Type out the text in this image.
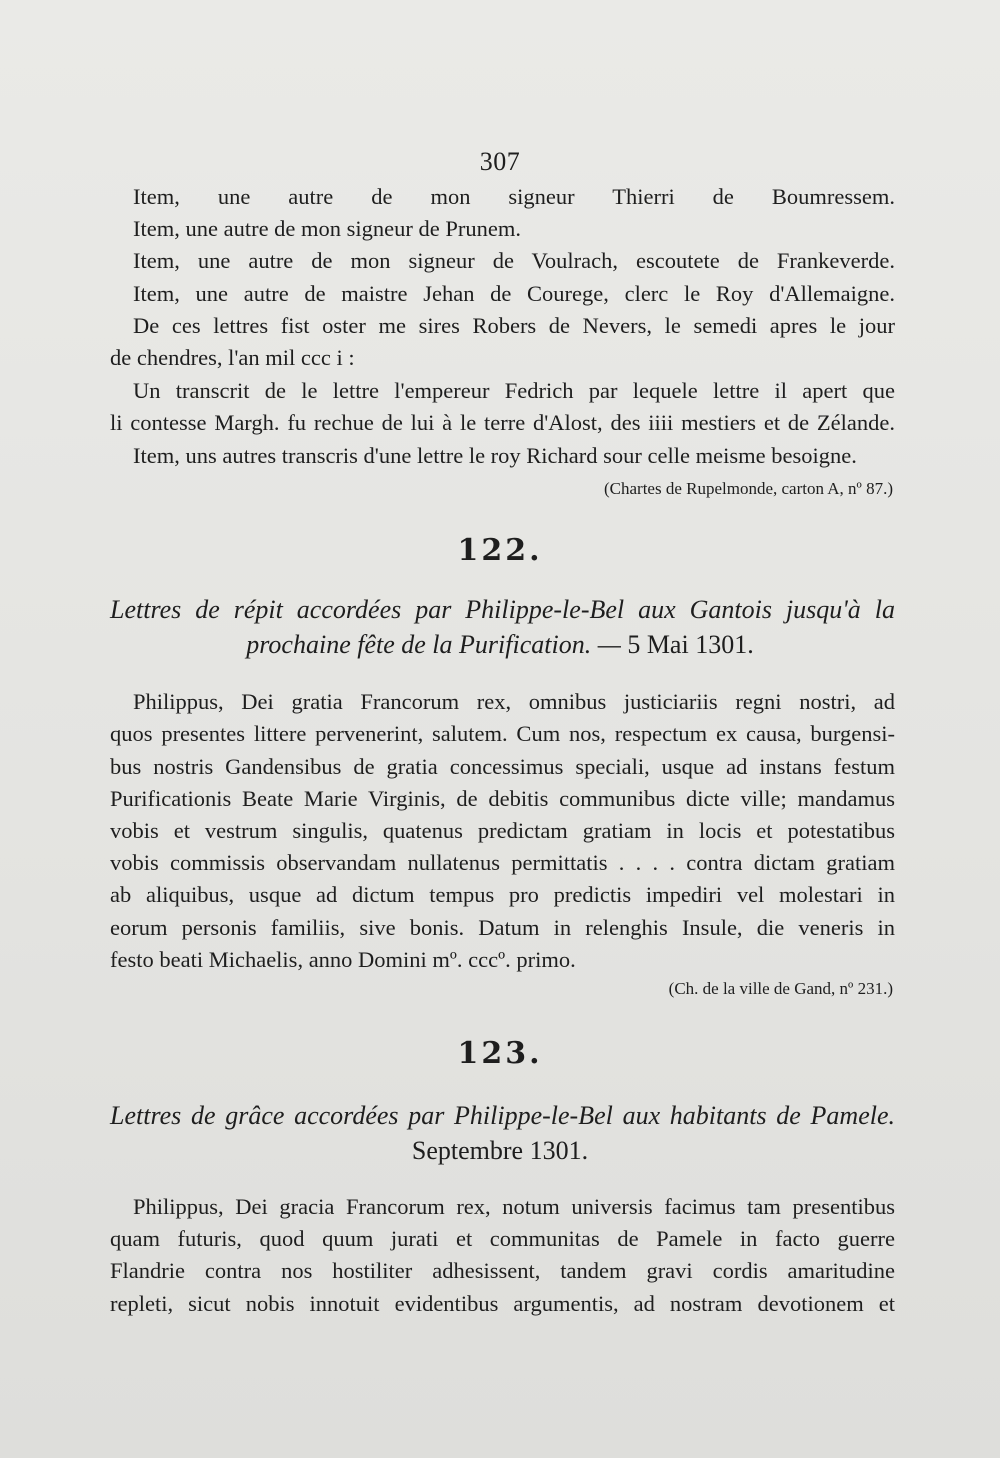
307
Item, une autre de mon signeur Thierri de Boumressem.
Item, une autre de mon signeur de Prunem.
Item, une autre de mon signeur de Voulrach, escoutete de Frankeverde.
Item, une autre de maistre Jehan de Courege, clerc le Roy d'Allemaigne.
De ces lettres fist oster me sires Robers de Nevers, le semedi apres le jour
de chendres, l'an mil ccc i :
Un transcrit de le lettre l'empereur Fedrich par lequele lettre il apert que
li contesse Margh. fu rechue de lui à le terre d'Alost, des iiii mestiers et de Zélande.
Item, uns autres transcris d'une lettre le roy Richard sour celle meisme besoigne.
(Chartes de Rupelmonde, carton A, nº 87.)
122.
Lettres de répit accordées par Philippe-le-Bel aux Gantois jusqu'à la
prochaine fête de la Purification. — 5 Mai 1301.
Philippus, Dei gratia Francorum rex, omnibus justiciariis regni nostri, ad
quos presentes littere pervenerint, salutem. Cum nos, respectum ex causa, burgensi-
bus nostris Gandensibus de gratia concessimus speciali, usque ad instans festum
Purificationis Beate Marie Virginis, de debitis communibus dicte ville; mandamus
vobis et vestrum singulis, quatenus predictam gratiam in locis et potestatibus
vobis commissis observandam nullatenus permittatis . . . . contra dictam gratiam
ab aliquibus, usque ad dictum tempus pro predictis impediri vel molestari in
eorum personis familiis, sive bonis. Datum in relenghis Insule, die veneris in
festo beati Michaelis, anno Domini mº. cccº. primo.
(Ch. de la ville de Gand, nº 231.)
123.
Lettres de grâce accordées par Philippe-le-Bel aux habitants de Pamele.
Septembre 1301.
Philippus, Dei gracia Francorum rex, notum universis facimus tam presentibus
quam futuris, quod quum jurati et communitas de Pamele in facto guerre
Flandrie contra nos hostiliter adhesissent, tandem gravi cordis amaritudine
repleti, sicut nobis innotuit evidentibus argumentis, ad nostram devotionem et
